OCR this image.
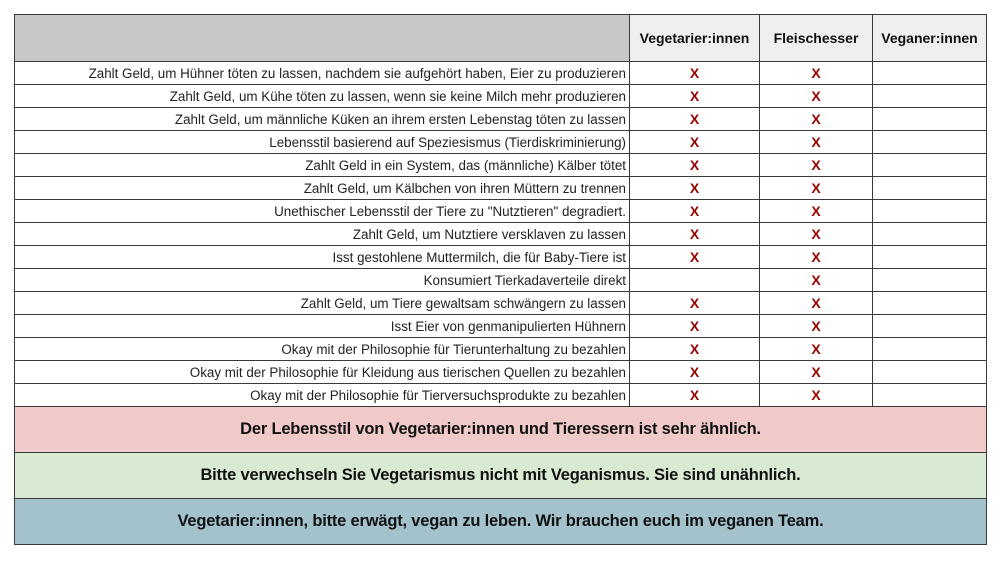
	Vegetarier:innen	Fleischesser	Veganer:innen
Zahlt Geld, um Hühner töten zu lassen, nachdem sie aufgehört haben, Eier zu produzieren	X	X	
Zahlt Geld, um Kühe töten zu lassen, wenn sie keine Milch mehr produzieren	X	X	
Zahlt Geld, um männliche Küken an ihrem ersten Lebenstag töten zu lassen	X	X	
Lebensstil basierend auf Speziesismus (Tierdiskriminierung)	X	X	
Zahlt Geld in ein System, das (männliche) Kälber tötet	X	X	
Zahlt Geld, um Kälbchen von ihren Müttern zu trennen	X	X	
Unethischer Lebensstil der Tiere zu "Nutztieren" degradiert.	X	X	
Zahlt Geld, um Nutztiere versklaven zu lassen	X	X	
Isst gestohlene Muttermilch, die für Baby-Tiere ist	X	X	
Konsumiert Tierkadaverteile direkt		X	
Zahlt Geld, um Tiere gewaltsam schwängern zu lassen	X	X	
Isst Eier von genmanipulierten Hühnern	X	X	
Okay mit der Philosophie für Tierunterhaltung zu bezahlen	X	X	
Okay mit der Philosophie für Kleidung aus tierischen Quellen zu bezahlen	X	X	
Okay mit der Philosophie für Tierversuchsprodukte zu bezahlen	X	X	
Der Lebensstil von Vegetarier:innen und Tieressern ist sehr ähnlich.			
Bitte verwechseln Sie Vegetarismus nicht mit Veganismus. Sie sind unähnlich.			
Vegetarier:innen, bitte erwägt, vegan zu leben. Wir brauchen euch im veganen Team.			
